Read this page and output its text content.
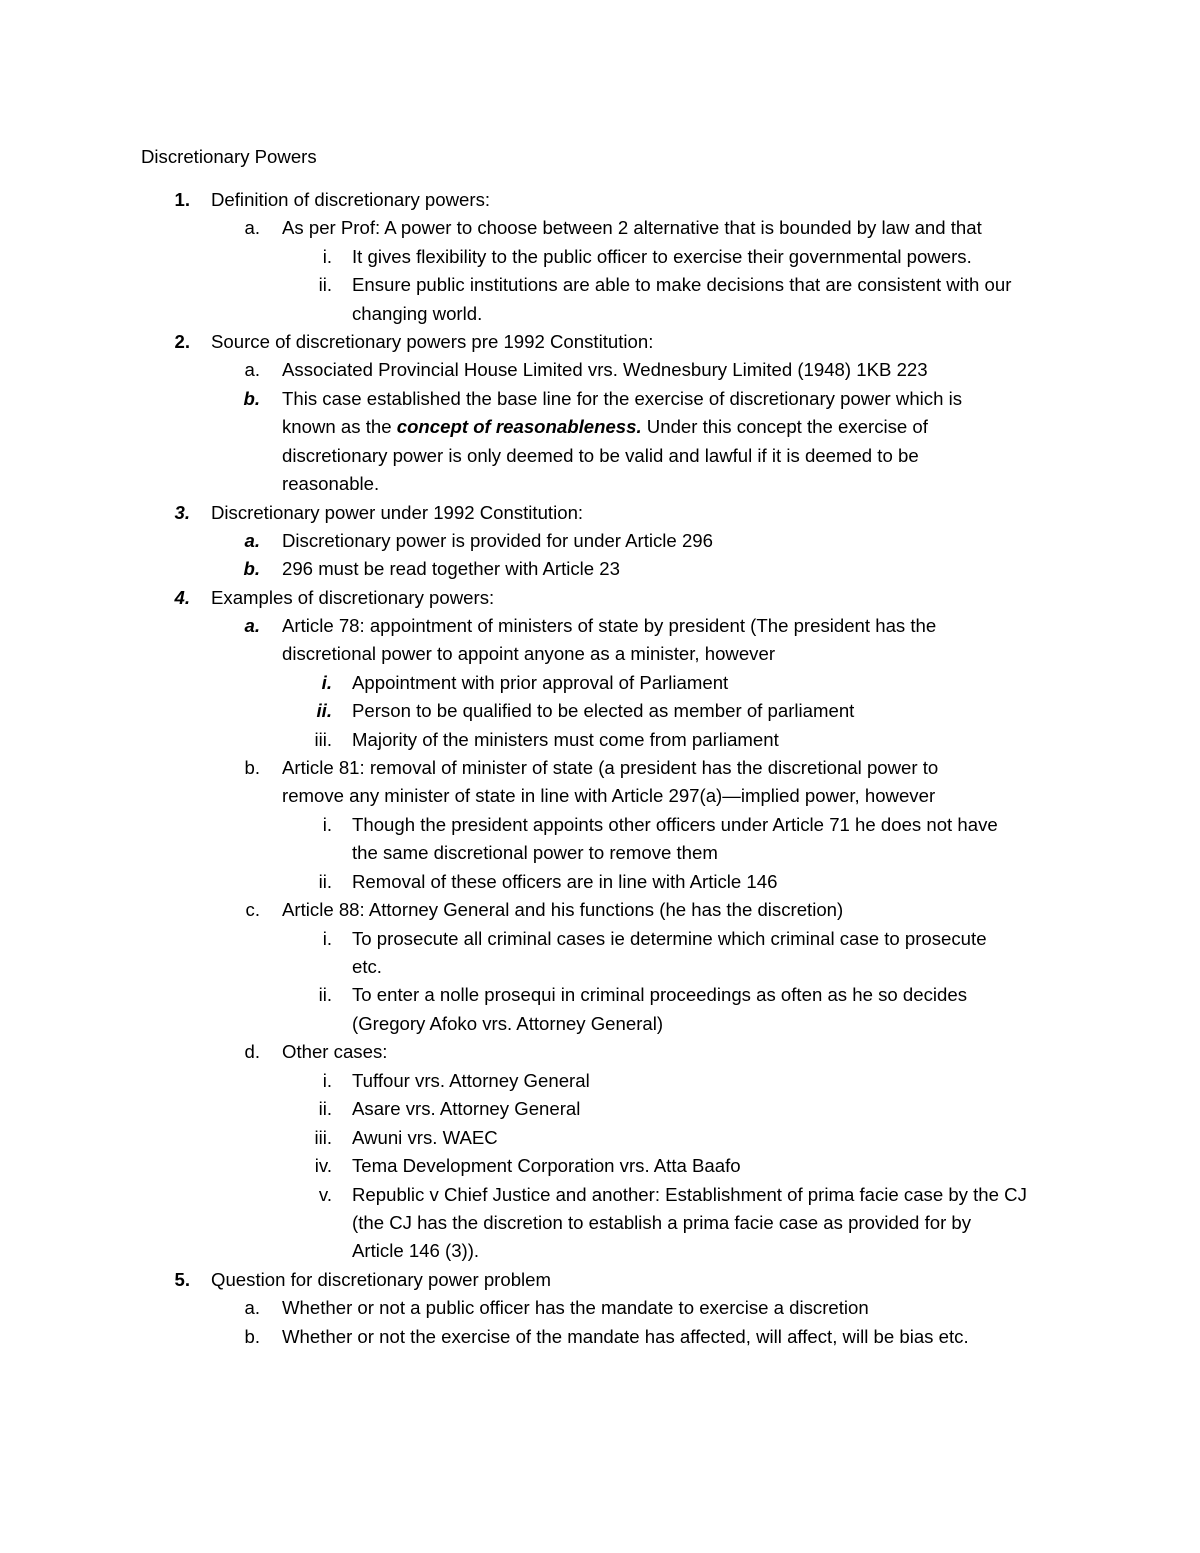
Discretionary Powers
1. Definition of discretionary powers:
a. As per Prof: A power to choose between 2 alternative that is bounded by law and that
i. It gives flexibility to the public officer to exercise their governmental powers.
ii. Ensure public institutions are able to make decisions that are consistent with our
changing world.
2. Source of discretionary powers pre 1992 Constitution:
a. Associated Provincial House Limited vrs. Wednesbury Limited (1948) 1KB 223
b. This case established the base line for the exercise of discretionary power which is
known as the concept of reasonableness. Under this concept the exercise of
discretionary power is only deemed to be valid and lawful if it is deemed to be
reasonable.
3. Discretionary power under 1992 Constitution:
a. Discretionary power is provided for under Article 296
b. 296 must be read together with Article 23
4. Examples of discretionary powers:
a. Article 78: appointment of ministers of state by president (The president has the
discretional power to appoint anyone as a minister, however
i. Appointment with prior approval of Parliament
ii. Person to be qualified to be elected as member of parliament
iii. Majority of the ministers must come from parliament
b. Article 81: removal of minister of state (a president has the discretional power to
remove any minister of state in line with Article 297(a)—implied power, however
i. Though the president appoints other officers under Article 71 he does not have
the same discretional power to remove them
ii. Removal of these officers are in line with Article 146
c. Article 88: Attorney General and his functions (he has the discretion)
i. To prosecute all criminal cases ie determine which criminal case to prosecute
etc.
ii. To enter a nolle prosequi in criminal proceedings as often as he so decides
(Gregory Afoko vrs. Attorney General)
d. Other cases:
i. Tuffour vrs. Attorney General
ii. Asare vrs. Attorney General
iii. Awuni vrs. WAEC
iv. Tema Development Corporation vrs. Atta Baafo
v. Republic v Chief Justice and another: Establishment of prima facie case by the CJ
(the CJ has the discretion to establish a prima facie case as provided for by
Article 146 (3)).
5. Question for discretionary power problem
a. Whether or not a public officer has the mandate to exercise a discretion
b. Whether or not the exercise of the mandate has affected, will affect, will be bias etc.
